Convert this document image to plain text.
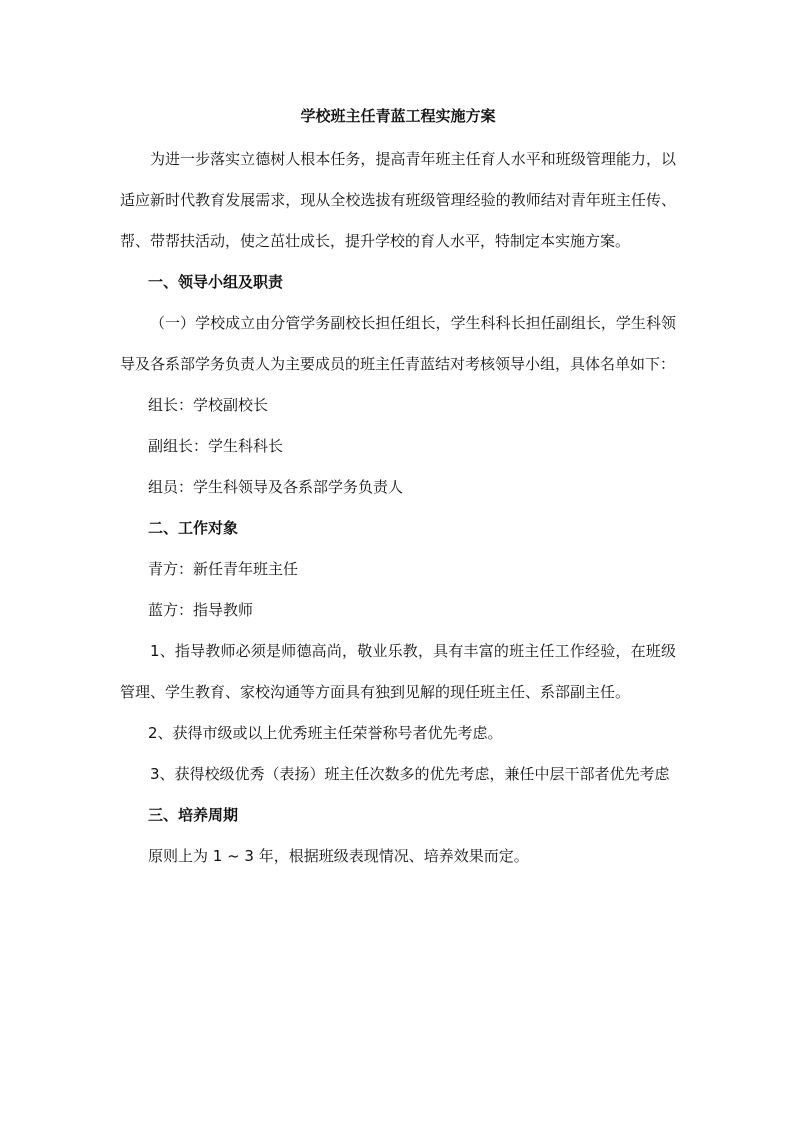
学校班主任青蓝工程实施方案

为进一步落实立德树人根本任务，提高青年班主任育人水平和班级管理能力，以适应新时代教育发展需求，现从全校选拔有班级管理经验的教师结对青年班主任传、帮、带帮扶活动，使之茁壮成长，提升学校的育人水平，特制定本实施方案。

一、领导小组及职责

（一）学校成立由分管学务副校长担任组长，学生科科长担任副组长，学生科领导及各系部学务负责人为主要成员的班主任青蓝结对考核领导小组，具体名单如下：

组长：学校副校长

副组长：学生科科长

组员：学生科领导及各系部学务负责人

二、工作对象

青方：新任青年班主任

蓝方：指导教师

1、指导教师必须是师德高尚，敬业乐教，具有丰富的班主任工作经验，在班级管理、学生教育、家校沟通等方面具有独到见解的现任班主任、系部副主任。

2、获得市级或以上优秀班主任荣誉称号者优先考虑。

3、获得校级优秀（表扬）班主任次数多的优先考虑，兼任中层干部者优先考虑

三、培养周期

原则上为 1 ~ 3 年，根据班级表现情况、培养效果而定。
